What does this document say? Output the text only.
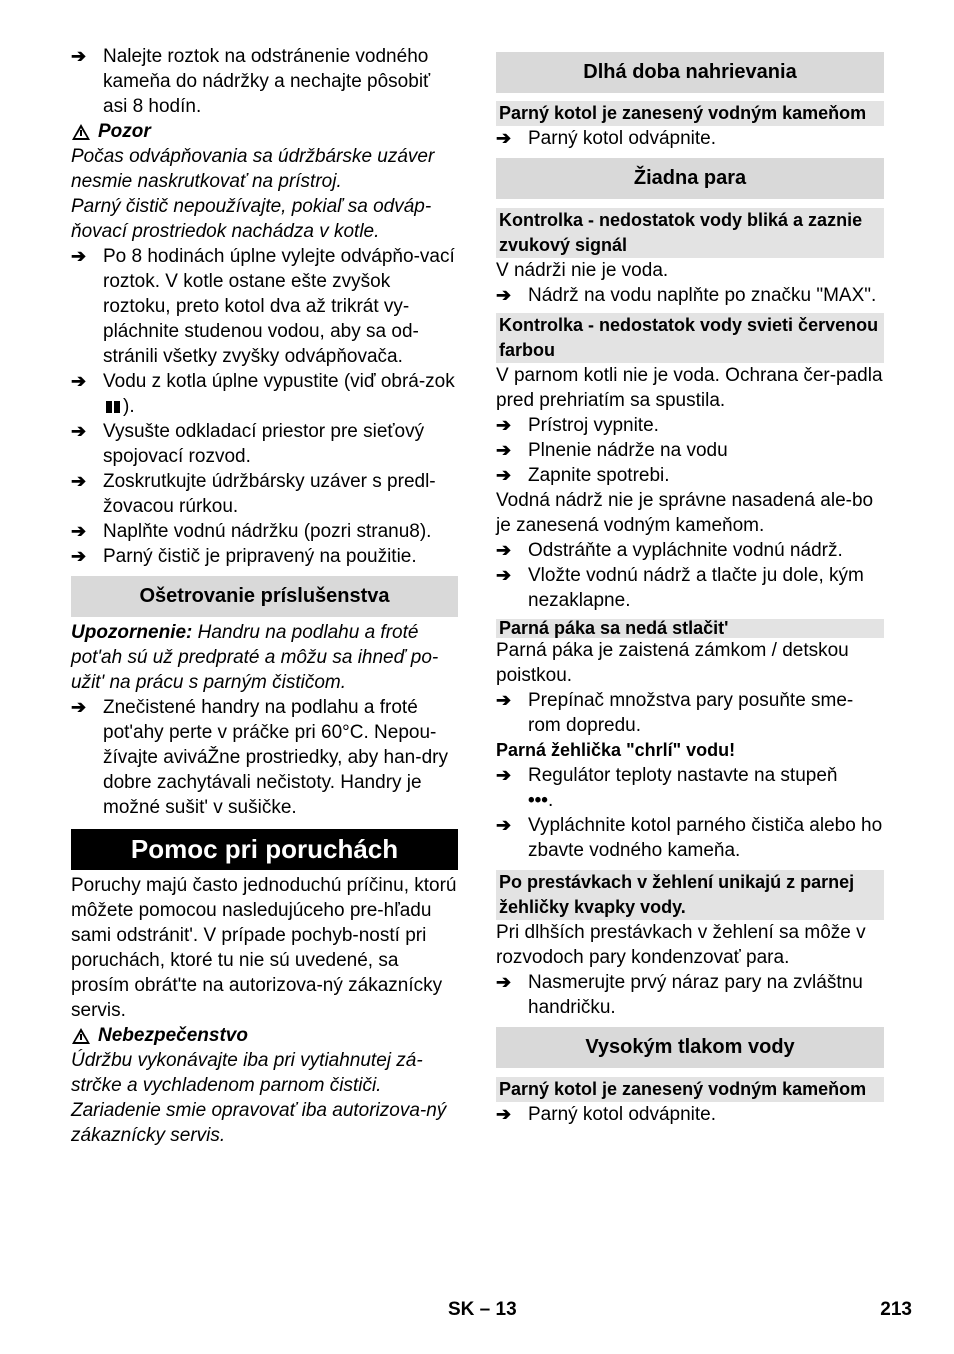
➔ Nalejte roztok na odstránenie vodného kameňa do nádržky a nechajte pôsobiť asi 8 hodín.
Pozor

Počas odvápňovania sa údržbárske uzáver nesmie naskrutkovať na prístroj.

Parný čistič nepoužívajte, pokiaľ sa odváp-ňovací prostriedok nachádza v kotle.

➔ Po 8 hodinách úplne vylejte odvápňo-vací roztok. V kotle ostane ešte zvyšok roztoku, preto kotol dva až trikrát vy-pláchnite studenou vodou, aby sa od-stránili všetky zvyšky odvápňovača.
➔ Vodu z kotla úplne vypustite (viď obrá-zok ).
➔ Vysušte odkladací priestor pre sieťový spojovací rozvod.
➔ Zoskrutkujte údržbársky uzáver s predl-žovacou rúrkou.
➔ Naplňte vodnú nádržku (pozri stranu8).
➔ Parný čistič je pripravený na použitie.
Ošetrovanie príslušenstva

Upozornenie: Handru na podlahu a froté pot'ah sú už predpraté a môžu sa ihneď po-užit' na prácu s parným čističom.

➔ Znečistené handry na podlahu a froté pot'ahy perte v práčke pri 60°C. Nepou-žívajte aviváŽne prostriedky, aby han-dry dobre zachytávali nečistoty. Handry je možné sušit' v sušičke.
Pomoc pri poruchách

Poruchy majú často jednoduchú príčinu, ktorú môžete pomocou nasledujúceho pre-hľadu sami odstránit'. V prípade pochyb-ností pri poruchách, ktoré tu nie sú uvedené, sa prosím obrát'te na autorizova-ný zákaznícky servis.

Nebezpečenstvo

Údržbu vykonávajte iba pri vytiahnutej zá-strčke a vychladenom parnom čističi.

Zariadenie smie opravovať iba autorizova-ný zákaznícky servis.

Dlhá doba nahrievania
Parný kotol je zanesený vodným kameňom
➔ Parný kotol odvápnite.
Žiadna para
Kontrolka - nedostatok vody bliká a zaznie zvukový signál

V nádrži nie je voda.

➔ Nádrž na vodu naplňte po značku "MAX".
Kontrolka - nedostatok vody svieti červenou farbou

V parnom kotli nie je voda. Ochrana čer-padla pred prehriatím sa spustila.

➔ Prístroj vypnite.
➔ Plnenie nádrže na vodu
➔ Zapnite spotrebi.

Vodná nádrž nie je správne nasadená ale-bo je zanesená vodným kameňom.

➔ Odstráňte a vypláchnite vodnú nádrž.
➔ Vložte vodnú nádrž a tlačte ju dole, kým nezaklapne.
Parná páka sa nedá stlačit'

Parná páka je zaistená zámkom / detskou poistkou.

➔ Prepínač množstva pary posuňte sme-rom dopredu.
Parná žehlička "chrlí" vodu!
➔ Regulátor teploty nastavte na stupeň
•••.
➔ Vypláchnite kotol parného čističa alebo ho zbavte vodného kameňa.
Po prestávkach v žehlení unikajú z parnej žehličky kvapky vody.

Pri dlhších prestávkach v žehlení sa môže v rozvodoch pary kondenzovať para.

➔ Nasmerujte prvý náraz pary na zvláštnu handričku.
Vysokým tlakom vody
Parný kotol je zanesený vodným kameňom
➔ Parný kotol odvápnite.
SK – 13	213
